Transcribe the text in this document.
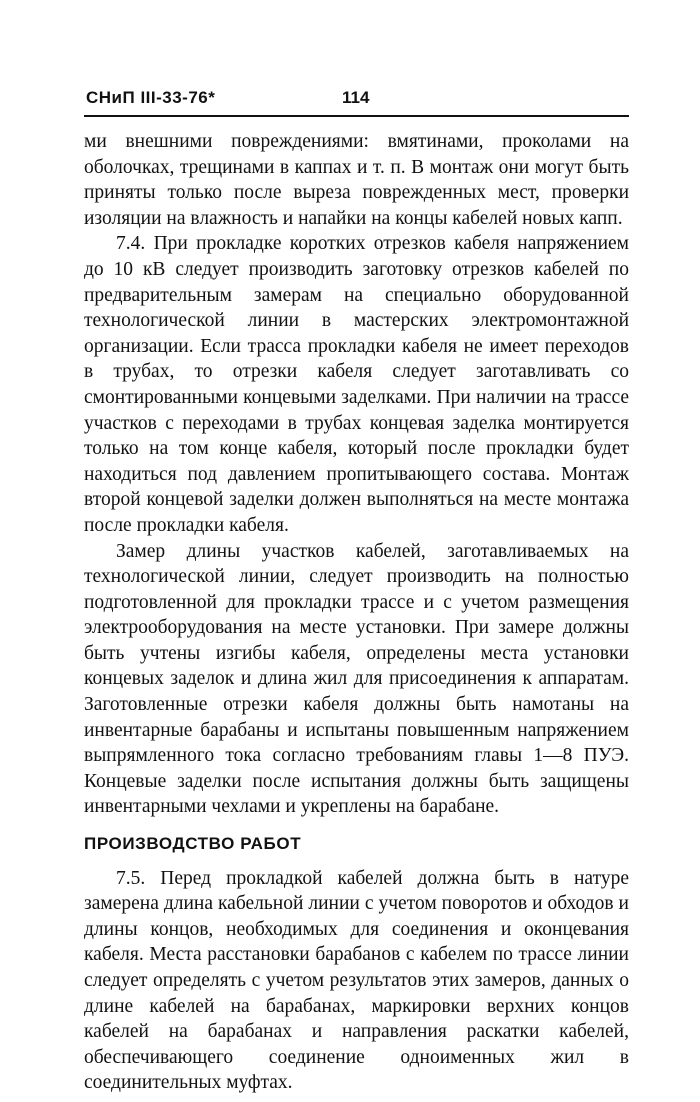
СНиП III-33-76*	114

ми внешними повреждениями: вмятинами, проколами на оболочках, трещинами в каппах и т. п. В монтаж они могут быть приняты только после выреза поврежденных мест, проверки изоляции на влажность и напайки на концы кабелей новых капп.

7.4. При прокладке коротких отрезков кабеля напряжением до 10 кВ следует производить заготовку отрезков кабелей по предварительным замерам на специально оборудованной технологической линии в мастерских электромонтажной организации. Если трасса прокладки кабеля не имеет переходов в трубах, то отрезки кабеля следует заготавливать со смонтированными концевыми заделками. При наличии на трассе участков с переходами в трубах концевая заделка монтируется только на том конце кабеля, который после прокладки будет находиться под давлением пропитывающего состава. Монтаж второй концевой заделки должен выполняться на месте монтажа после прокладки кабеля.

Замер длины участков кабелей, заготавливаемых на технологической линии, следует производить на полностью подготовленной для прокладки трассе и с учетом размещения электрооборудования на месте установки. При замере должны быть учтены изгибы кабеля, определены места установки концевых заделок и длина жил для присоединения к аппаратам. Заготовленные отрезки кабеля должны быть намотаны на инвентарные барабаны и испытаны повышенным напряжением выпрямленного тока согласно требованиям главы 1—8 ПУЭ. Концевые заделки после испытания должны быть защищены инвентарными чехлами и укреплены на барабане.

ПРОИЗВОДСТВО РАБОТ

7.5. Перед прокладкой кабелей должна быть в натуре замерена длина кабельной линии с учетом поворотов и обходов и длины концов, необходимых для соединения и оконцевания кабеля. Места расстановки барабанов с кабелем по трассе линии следует определять с учетом результатов этих замеров, данных о длине кабелей на барабанах, маркировки верхних концов кабелей на барабанах и направления раскатки кабелей, обеспечивающего соединение одноименных жил в соединительных муфтах.
